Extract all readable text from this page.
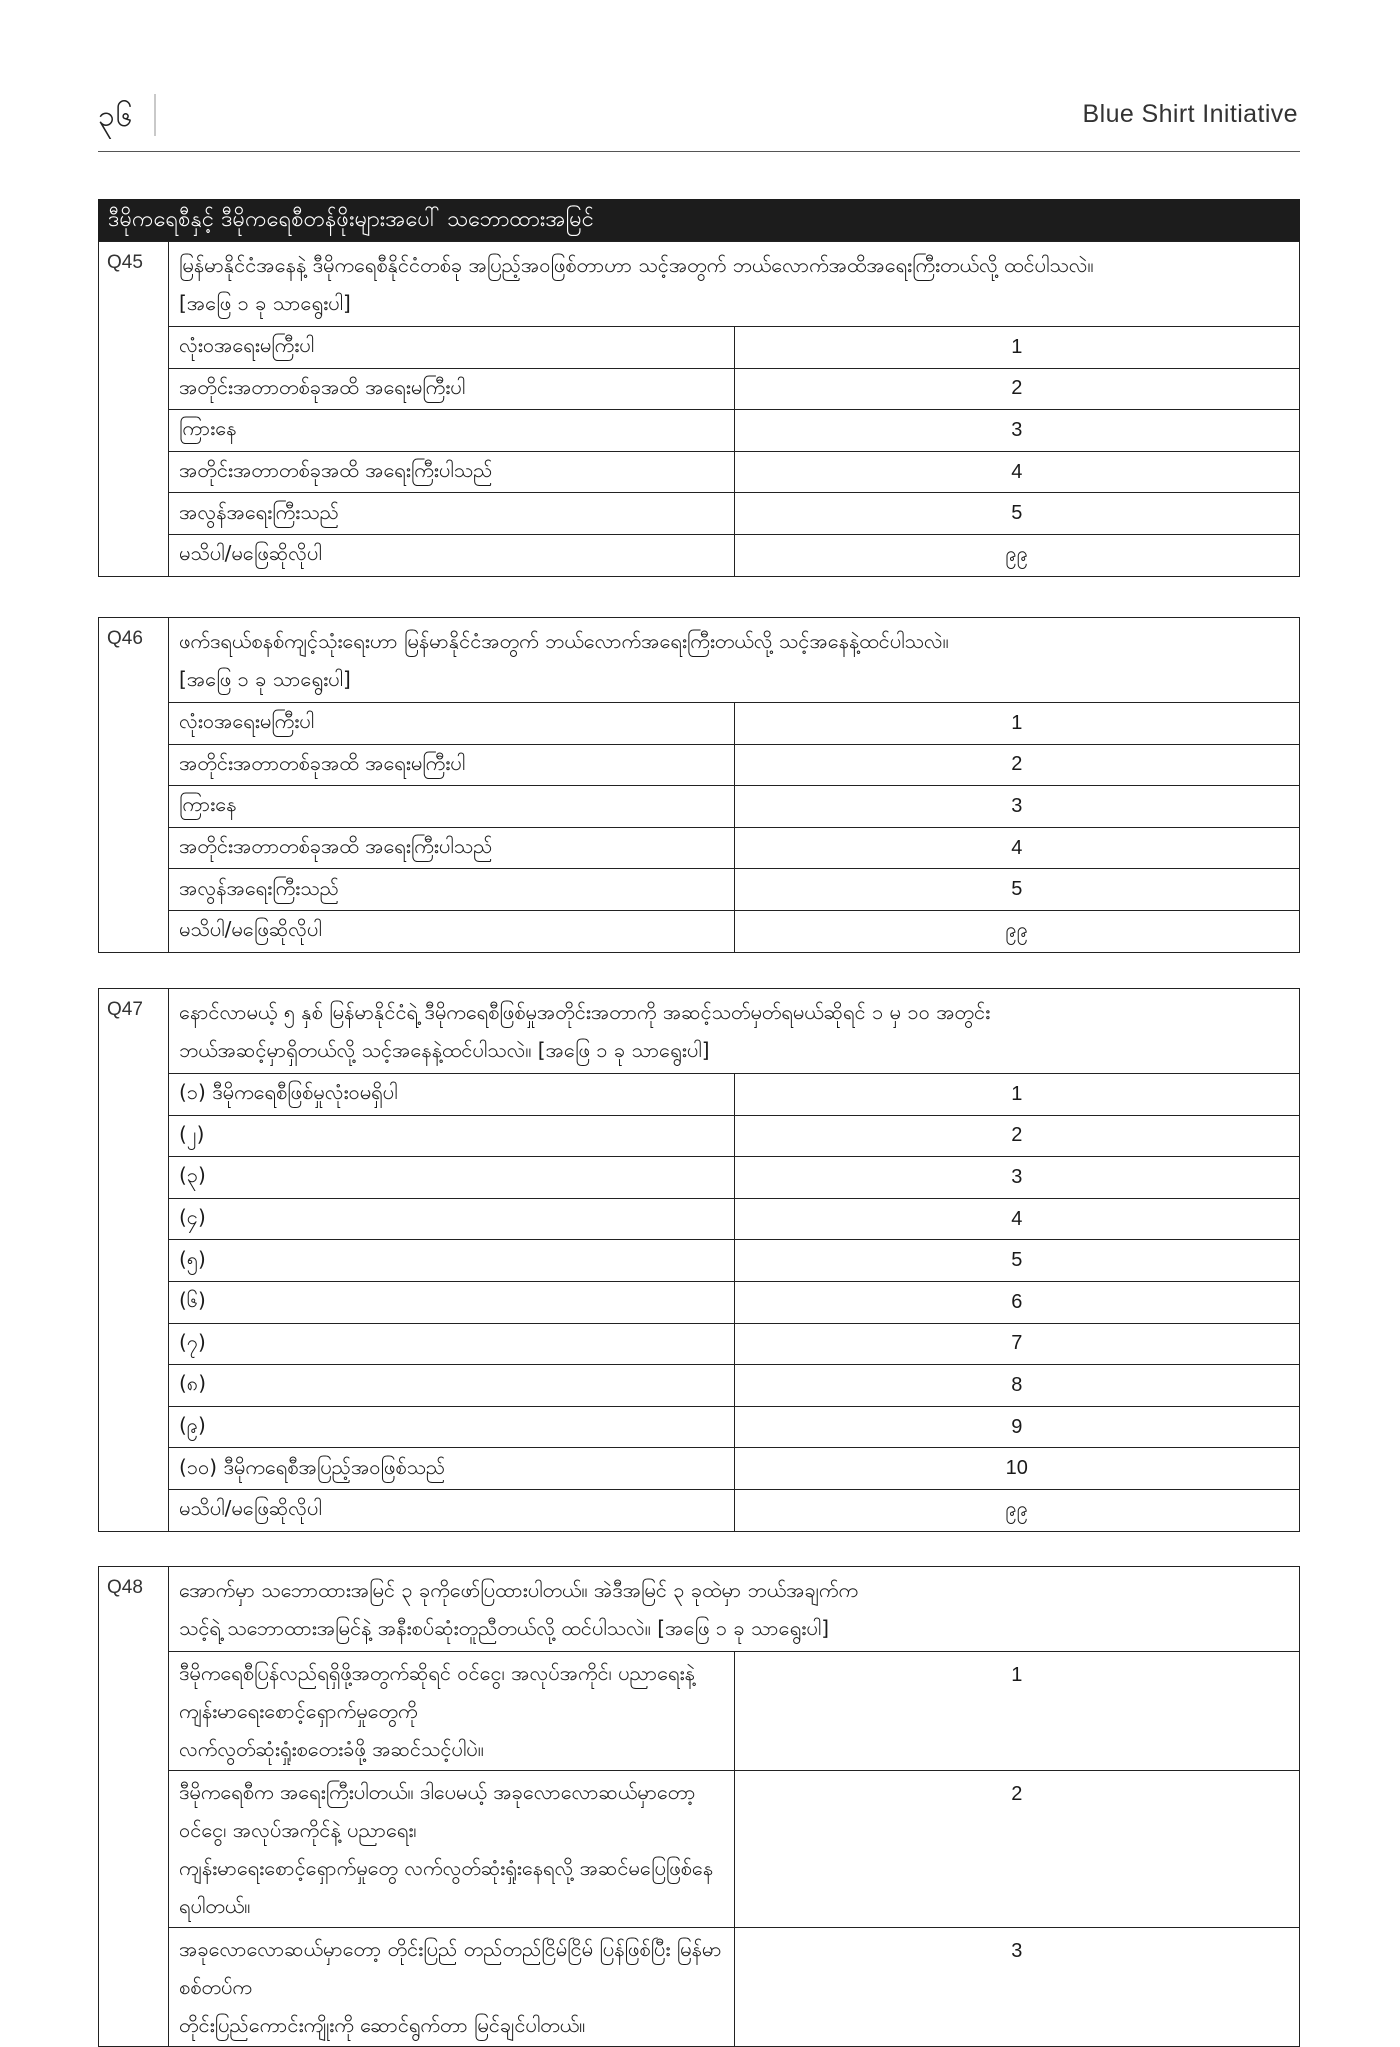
၃၆	Blue Shirt Initiative
ဒီမိုကရေစီနှင့် ဒီမိုကရေစီတန်ဖိုးများအပေါ် သဘောထားအမြင်
Q45	မြန်မာနိုင်ငံအနေနဲ့ ဒီမိုကရေစီနိုင်ငံတစ်ခု အပြည့်အဝဖြစ်တာဟာ သင့်အတွက် ဘယ်လောက်အထိအရေးကြီးတယ်လို့ ထင်ပါသလဲ။
[အဖြေ ၁ ခု သာရွေးပါ]	

	လုံးဝအရေးမကြီးပါ	1
	အတိုင်းအတာတစ်ခုအထိ အရေးမကြီးပါ	2
	ကြားနေ	3
	အတိုင်းအတာတစ်ခုအထိ အရေးကြီးပါသည်	4
	အလွန်အရေးကြီးသည်	5
	မသိပါ/မဖြေဆိုလိုပါ	၉၉
Q46	ဖက်ဒရယ်စနစ်ကျင့်သုံးရေးဟာ မြန်မာနိုင်ငံအတွက် ဘယ်လောက်အရေးကြီးတယ်လို့ သင့်အနေနဲ့ထင်ပါသလဲ။
[အဖြေ ၁ ခု သာရွေးပါ]	

	လုံးဝအရေးမကြီးပါ	1
	အတိုင်းအတာတစ်ခုအထိ အရေးမကြီးပါ	2
	ကြားနေ	3
	အတိုင်းအတာတစ်ခုအထိ အရေးကြီးပါသည်	4
	အလွန်အရေးကြီးသည်	5
	မသိပါ/မဖြေဆိုလိုပါ	၉၉
Q47	နောင်လာမယ့် ၅ နှစ် မြန်မာနိုင်ငံရဲ့ ဒီမိုကရေစီဖြစ်မှုအတိုင်းအတာကို အဆင့်သတ်မှတ်ရမယ်ဆိုရင် ၁ မှ ၁၀ အတွင်း
ဘယ်အဆင့်မှာရှိတယ်လို့ သင့်အနေနဲ့ထင်ပါသလဲ။ [အဖြေ ၁ ခု သာရွေးပါ]	

	(၁) ဒီမိုကရေစီဖြစ်မှုလုံးဝမရှိပါ	1
	(၂)	2
	(၃)	3
	(၄)	4
	(၅)	5
	(၆)	6
	(၇)	7
	(၈)	8
	(၉)	9
	(၁၀) ဒီမိုကရေစီအပြည့်အဝဖြစ်သည်	10
	မသိပါ/မဖြေဆိုလိုပါ	၉၉
Q48	အောက်မှာ သဘောထားအမြင် ၃ ခုကိုဖော်ပြထားပါတယ်။ အဲဒီအမြင် ၃ ခုထဲမှာ ဘယ်အချက်က
သင့်ရဲ့ သဘောထားအမြင်နဲ့ အနီးစပ်ဆုံးတူညီတယ်လို့ ထင်ပါသလဲ။ [အဖြေ ၁ ခု သာရွေးပါ]	

	ဒီမိုကရေစီပြန်လည်ရရှိဖို့အတွက်ဆိုရင် ဝင်ငွေ၊ အလုပ်အကိုင်၊ ပညာရေးနဲ့ ကျန်းမာရေးစောင့်ရှောက်မှုတွေကို
လက်လွတ်ဆုံးရှုံးစတေးခံဖို့ အဆင်သင့်ပါပဲ။	1

	ဒီမိုကရေစီက အရေးကြီးပါတယ်။ ဒါပေမယ့် အခုလောလောဆယ်မှာတော့ ဝင်ငွေ၊ အလုပ်အကိုင်နဲ့ ပညာရေး၊
ကျန်းမာရေးစောင့်ရှောက်မှုတွေ လက်လွတ်ဆုံးရှုံးနေရလို့ အဆင်မပြေဖြစ်နေရပါတယ်။	2

	အခုလောလောဆယ်မှာတော့ တိုင်းပြည် တည်တည်ငြိမ်ငြိမ် ပြန်ဖြစ်ပြီး မြန်မာစစ်တပ်က
တိုင်းပြည်ကောင်းကျိုးကို ဆောင်ရွက်တာ မြင်ချင်ပါတယ်။	3
